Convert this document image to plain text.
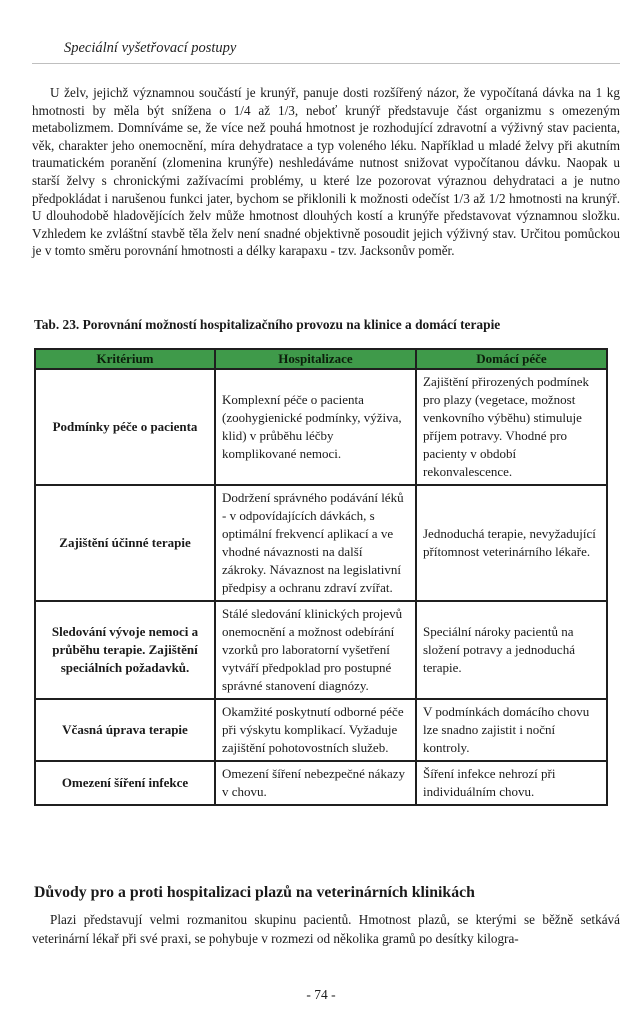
Speciální vyšetřovací postupy

U želv, jejichž významnou součástí je krunýř, panuje dosti rozšířený názor, že vypočítaná dávka na 1 kg hmotnosti by měla být snížena o 1/4 až 1/3, neboť krunýř představuje část organizmu s omezeným metabolizmem. Domníváme se, že více než pouhá hmotnost je rozhodující zdravotní a výživný stav pacienta, věk, charakter jeho onemocnění, míra dehydratace a typ voleného léku. Například u mladé želvy při akutním traumatickém poranění (zlomenina krunýře) neshledáváme nutnost snižovat vypočítanou dávku. Naopak u starší želvy s chronickými zažívacími problémy, u které lze pozorovat výraznou dehydrataci a je nutno předpokládat i narušenou funkci jater, bychom se přiklonili k možnosti odečíst 1/3 až 1/2 hmotnosti na krunýř. U dlouhodobě hladovějících želv může hmotnost dlouhých kostí a krunýře představovat významnou složku. Vzhledem ke zvláštní stavbě těla želv není snadné objektivně posoudit jejich výživný stav. Určitou pomůckou je v tomto směru porovnání hmotnosti a délky karapaxu - tzv. Jacksonův poměr.

Tab. 23. Porovnání možností hospitalizačního provozu na klinice a domácí terapie

Kritérium	Hospitalizace	Domácí péče
Podmínky péče o pacienta	Komplexní péče o pacienta (zoohygienické podmínky, výživa, klid) v průběhu léčby komplikované nemoci.	Zajištění přirozených podmínek pro plazy (vegetace, možnost venkovního výběhu) stimuluje příjem potravy. Vhodné pro pacienty v období rekonvalescence.
Zajištění účinné terapie	Dodržení správného podávání léků - v odpovídajících dávkách, s optimální frekvencí aplikací a ve vhodné návaznosti na další zákroky. Návaznost na legislativní předpisy a ochranu zdraví zvířat.	Jednoduchá terapie, nevyžadující přítomnost veterinárního lékaře.
Sledování vývoje nemoci a průběhu terapie. Zajištění speciálních požadavků.	Stálé sledování klinických projevů onemocnění a možnost odebírání vzorků pro laboratorní vyšetření vytváří předpoklad pro postupné správné stanovení diagnózy.	Speciální nároky pacientů na složení potravy a jednoduchá terapie.
Včasná úprava terapie	Okamžité poskytnutí odborné péče při výskytu komplikací. Vyžaduje zajištění pohotovostních služeb.	V podmínkách domácího chovu lze snadno zajistit i noční kontroly.
Omezení šíření infekce	Omezení šíření nebezpečné nákazy v chovu.	Šíření infekce nehrozí při individuálním chovu.
Důvody pro a proti hospitalizaci plazů na veterinárních klinikách

Plazi představují velmi rozmanitou skupinu pacientů. Hmotnost plazů, se kterými se běžně setkává veterinární lékař při své praxi, se pohybuje v rozmezi od několika gramů po desítky kilogra-

- 74 -
